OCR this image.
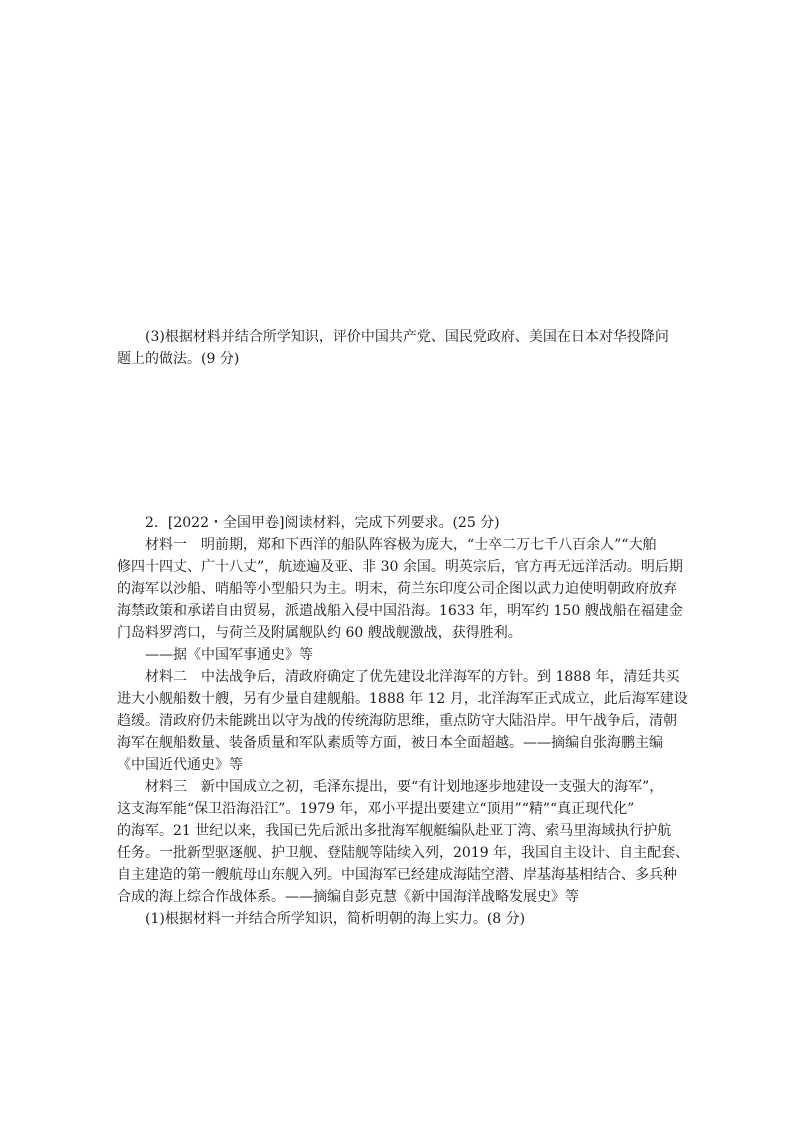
(3)根据材料并结合所学知识，评价中国共产党、国民党政府、美国在日本对华投降问
题上的做法。(9 分)
2．[2022・全国甲卷]阅读材料，完成下列要求。(25 分)
材料一　明前期，郑和下西洋的船队阵容极为庞大，“士卒二万七千八百余人”“大舶
修四十四丈、广十八丈”，航迹遍及亚、非 30 余国。明英宗后，官方再无远洋活动。明后期
的海军以沙船、哨船等小型船只为主。明末，荷兰东印度公司企图以武力迫使明朝政府放弃
海禁政策和承诺自由贸易，派遣战船入侵中国沿海。1633 年，明军约 150 艘战船在福建金
门岛料罗湾口，与荷兰及附属舰队约 60 艘战舰激战，获得胜利。
——据《中国军事通史》等
材料二　中法战争后，清政府确定了优先建设北洋海军的方针。到 1888 年，清廷共买
进大小舰船数十艘，另有少量自建舰船。1888 年 12 月，北洋海军正式成立，此后海军建设
趋缓。清政府仍未能跳出以守为战的传统海防思维，重点防守大陆沿岸。甲午战争后，清朝
海军在舰船数量、装备质量和军队素质等方面，被日本全面超越。——摘编自张海鹏主编
《中国近代通史》等
材料三　新中国成立之初，毛泽东提出，要“有计划地逐步地建设一支强大的海军”，
这支海军能“保卫沿海沿江”。1979 年，邓小平提出要建立“顶用”“精”“真正现代化”
的海军。21 世纪以来，我国已先后派出多批海军舰艇编队赴亚丁湾、索马里海域执行护航
任务。一批新型驱逐舰、护卫舰、登陆舰等陆续入列，2019 年，我国自主设计、自主配套、
自主建造的第一艘航母山东舰入列。中国海军已经建成海陆空潜、岸基海基相结合、多兵种
合成的海上综合作战体系。——摘编自彭克慧《新中国海洋战略发展史》等
(1)根据材料一并结合所学知识，简析明朝的海上实力。(8 分)
